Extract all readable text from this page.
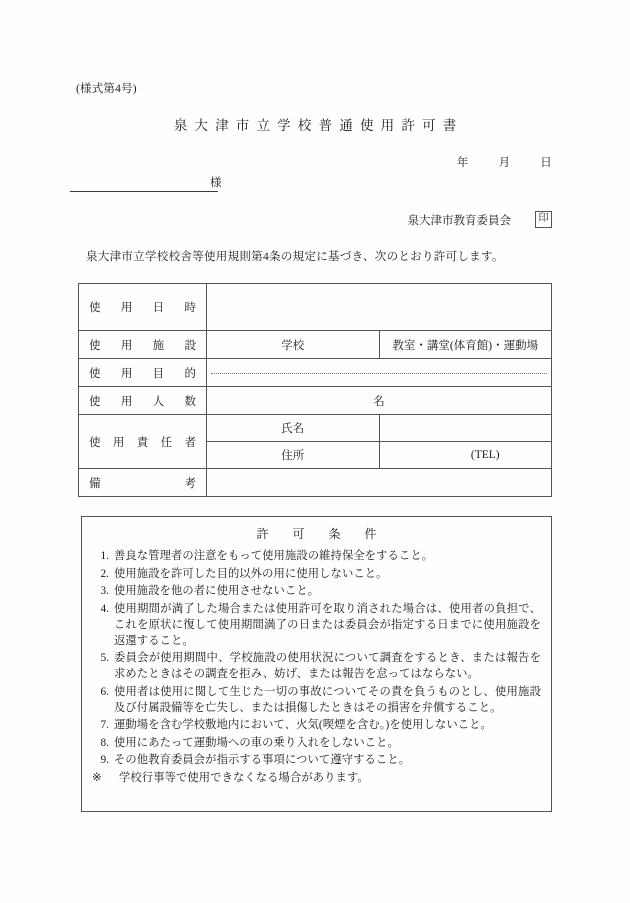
(様式第4号)
泉大津市立学校普通使用許可書
年	月	日
様
泉大津市教育委員会	印
泉大津市立学校校舎等使用規則第4条の規定に基づき、次のとおり許可します。
使用日時		

使用施設	学校	教室・講堂(体育館)・運動場

使用目的		

使用人数	名	

使用責任者	氏名	
	住所	(TEL)

備考		

許可条件
1. 善良な管理者の注意をもって使用施設の維持保全をすること。
2. 使用施設を許可した目的以外の用に使用しないこと。
3. 使用施設を他の者に使用させないこと。
4. 使用期間が満了した場合または使用許可を取り消された場合は、使用者の負担で、これを原状に復して使用期間満了の日または委員会が指定する日までに使用施設を返還すること。
5. 委員会が使用期間中、学校施設の使用状況について調査をするとき、または報告を求めたときはその調査を拒み、妨げ、または報告を怠ってはならない。
6. 使用者は使用に関して生じた一切の事故についてその責を負うものとし、使用施設及び付属設備等を亡失し、または損傷したときはその損害を弁償すること。
7. 運動場を含む学校敷地内において、火気(喫煙を含む。)を使用しないこと。
8. 使用にあたって運動場への車の乗り入れをしないこと。
9. その他教育委員会が指示する事項について遵守すること。
※	学校行事等で使用できなくなる場合があります。
